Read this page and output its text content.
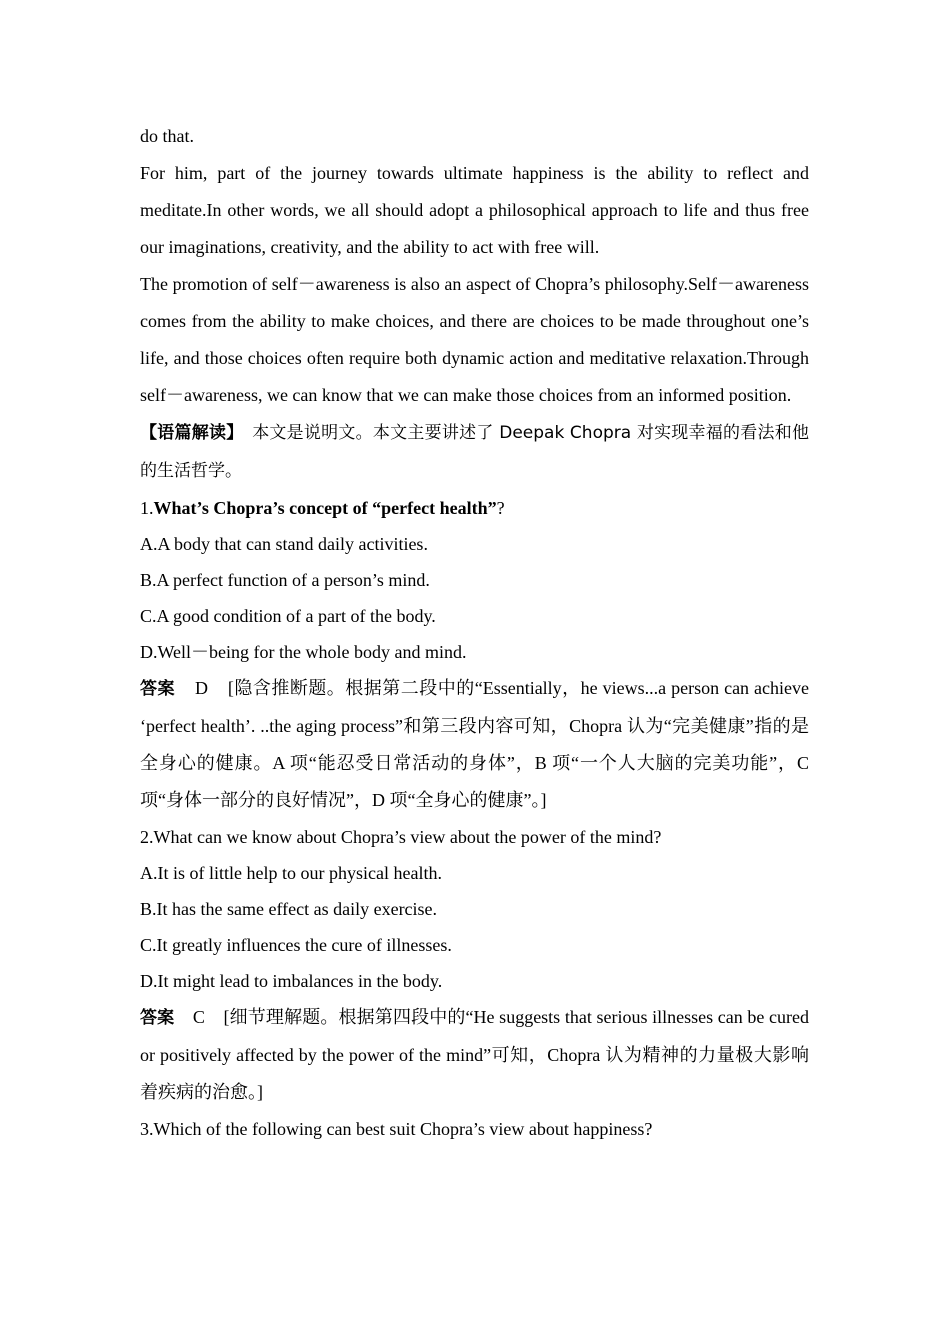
do that.

For him, part of the journey towards ultimate happiness is the ability to reflect and meditate.In other words, we all should adopt a philosophical approach to life and thus free our imaginations, creativity, and the ability to act with free will.

The promotion of self－awareness is also an aspect of Chopra’s philosophy.Self－awareness comes from the ability to make choices, and there are choices to be made throughout one’s life, and those choices often require both dynamic action and meditative relaxation.Through self－awareness, we can know that we can make those choices from an informed position.

【语篇解读】　本文是说明文。本文主要讲述了 Deepak Chopra 对实现幸福的看法和他的生活哲学。

1.What’s Chopra’s concept of “perfect health”?

A.A body that can stand daily activities.

B.A perfect function of a person’s mind.

C.A good condition of a part of the body.

D.Well－being for the whole body and mind.

答案 D [隐含推断题。根据第二段中的“Essentially，he views...a person can achieve ‘perfect health’. ..the aging process”和第三段内容可知，Chopra 认为“完美健康”指的是全身心的健康。A 项“能忍受日常活动的身体”，B 项“一个人大脑的完美功能”，C 项“身体一部分的良好情况”，D 项“全身心的健康”。]

2.What can we know about Chopra’s view about the power of the mind?

A.It is of little help to our physical health.

B.It has the same effect as daily exercise.

C.It greatly influences the cure of illnesses.

D.It might lead to imbalances in the body.

答案 C [细节理解题。根据第四段中的“He suggests that serious illnesses can be cured or positively affected by the power of the mind”可知，Chopra 认为精神的力量极大影响着疾病的治愈。]

3.Which of the following can best suit Chopra’s view about happiness?
